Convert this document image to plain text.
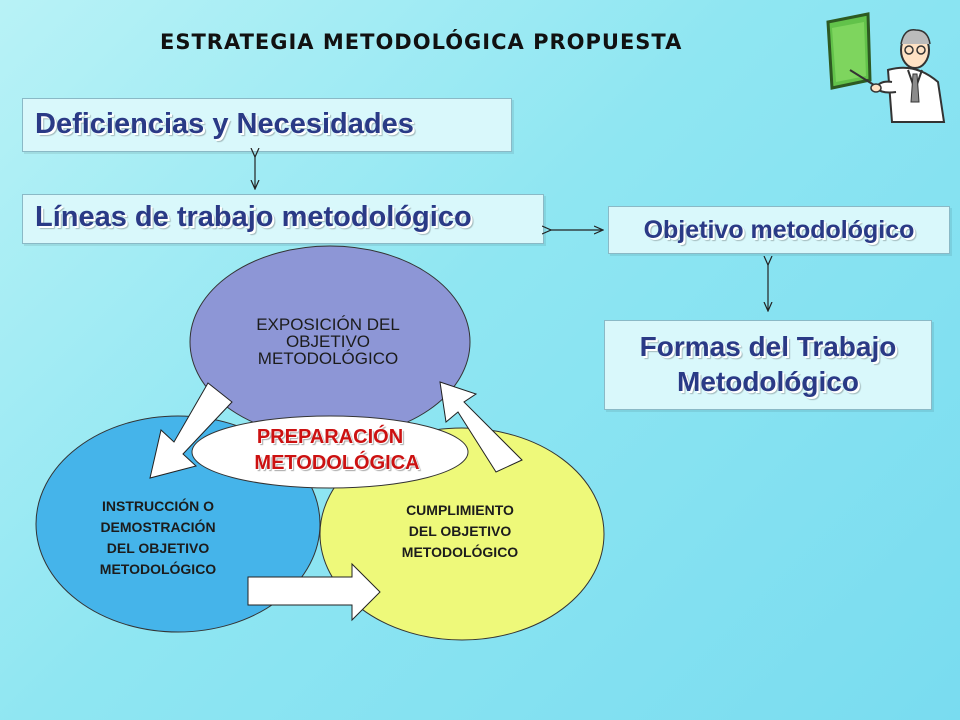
ESTRATEGIA METODOLÓGICA PROPUESTA
Deficiencias y Necesidades
Líneas de trabajo metodológico	Objetivo metodológico
Formas del Trabajo
Metodológico
EXPOSICIÓN DEL
OBJETIVO
METODOLÓGICO
INSTRUCCIÓN O
DEMOSTRACIÓN
DEL OBJETIVO
METODOLÓGICO
CUMPLIMIENTO
DEL OBJETIVO
METODOLÓGICO
PREPARACIÓN
METODOLÓGICA
